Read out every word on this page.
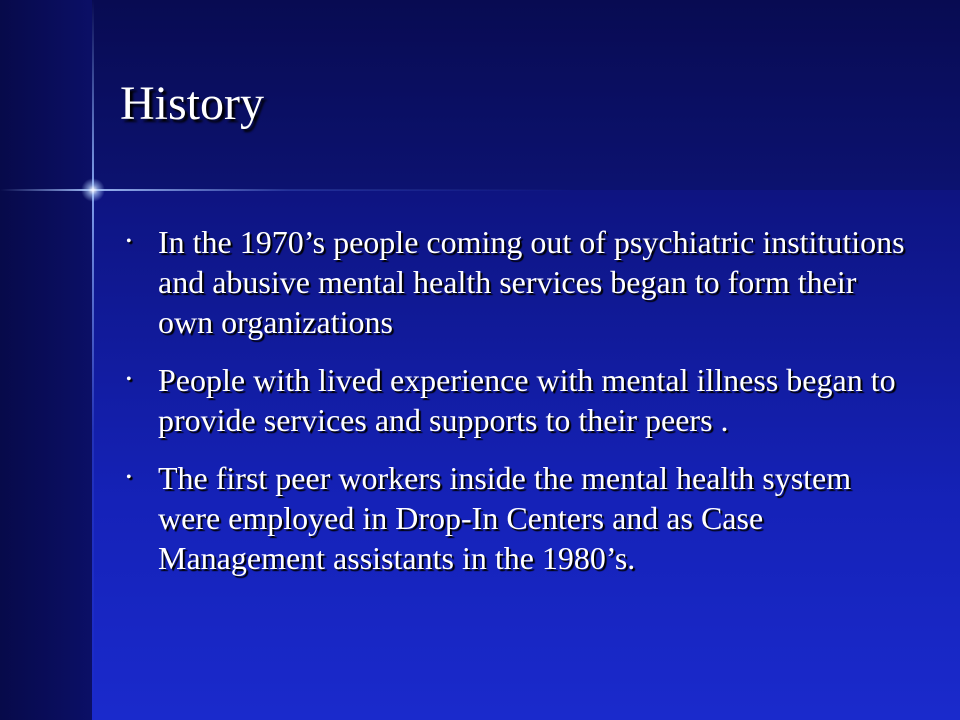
History
• In the 1970’s people coming out of psychiatric institutions and abusive mental health services began to form their own organizations
• People with lived experience with mental illness began to provide services and supports to their peers .
• The first peer workers inside the mental health system were employed in Drop-In Centers and as Case Management assistants in the 1980’s.
